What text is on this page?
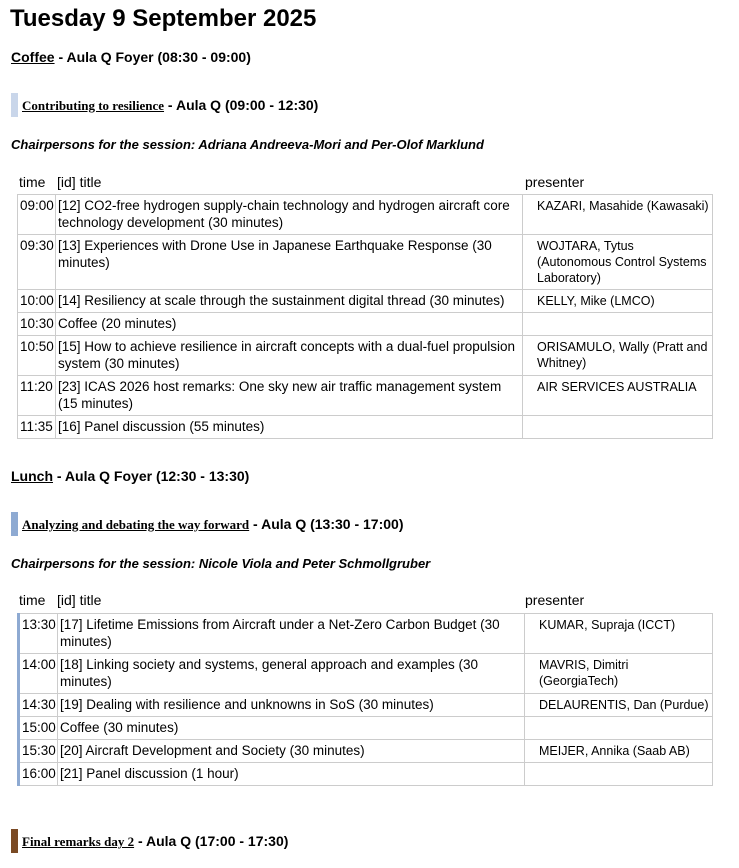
Tuesday 9 September 2025
Coffee - Aula Q Foyer (08:30 - 09:00)
Contributing to resilience - Aula Q (09:00 - 12:30)
Chairpersons for the session: Adriana Andreeva-Mori and Per-Olof Marklund
time [id] title	presenter
09:00	[12] CO2-free hydrogen supply-chain technology and hydrogen aircraft core technology development (30 minutes)	KAZARI, Masahide (Kawasaki)
09:30	[13] Experiences with Drone Use in Japanese Earthquake Response (30 minutes)	WOJTARA, Tytus (Autonomous Control Systems Laboratory)
10:00	[14] Resiliency at scale through the sustainment digital thread (30 minutes)	KELLY, Mike (LMCO)
10:30	Coffee (20 minutes)	
10:50	[15] How to achieve resilience in aircraft concepts with a dual-fuel propulsion system (30 minutes)	ORISAMULO, Wally (Pratt and Whitney)
11:20	[23] ICAS 2026 host remarks: One sky new air traffic management system (15 minutes)	AIR SERVICES AUSTRALIA
11:35	[16] Panel discussion (55 minutes)	
Lunch - Aula Q Foyer (12:30 - 13:30)
Analyzing and debating the way forward - Aula Q (13:30 - 17:00)
Chairpersons for the session: Nicole Viola and Peter Schmollgruber
time [id] title	presenter
13:30	[17] Lifetime Emissions from Aircraft under a Net-Zero Carbon Budget (30 minutes)	KUMAR, Supraja (ICCT)
14:00	[18] Linking society and systems, general approach and examples (30 minutes)	MAVRIS, Dimitri (GeorgiaTech)
14:30	[19] Dealing with resilience and unknowns in SoS (30 minutes)	DELAURENTIS, Dan (Purdue)
15:00	Coffee (30 minutes)	
15:30	[20] Aircraft Development and Society (30 minutes)	MEIJER, Annika (Saab AB)
16:00	[21] Panel discussion (1 hour)	
Final remarks day 2 - Aula Q (17:00 - 17:30)
